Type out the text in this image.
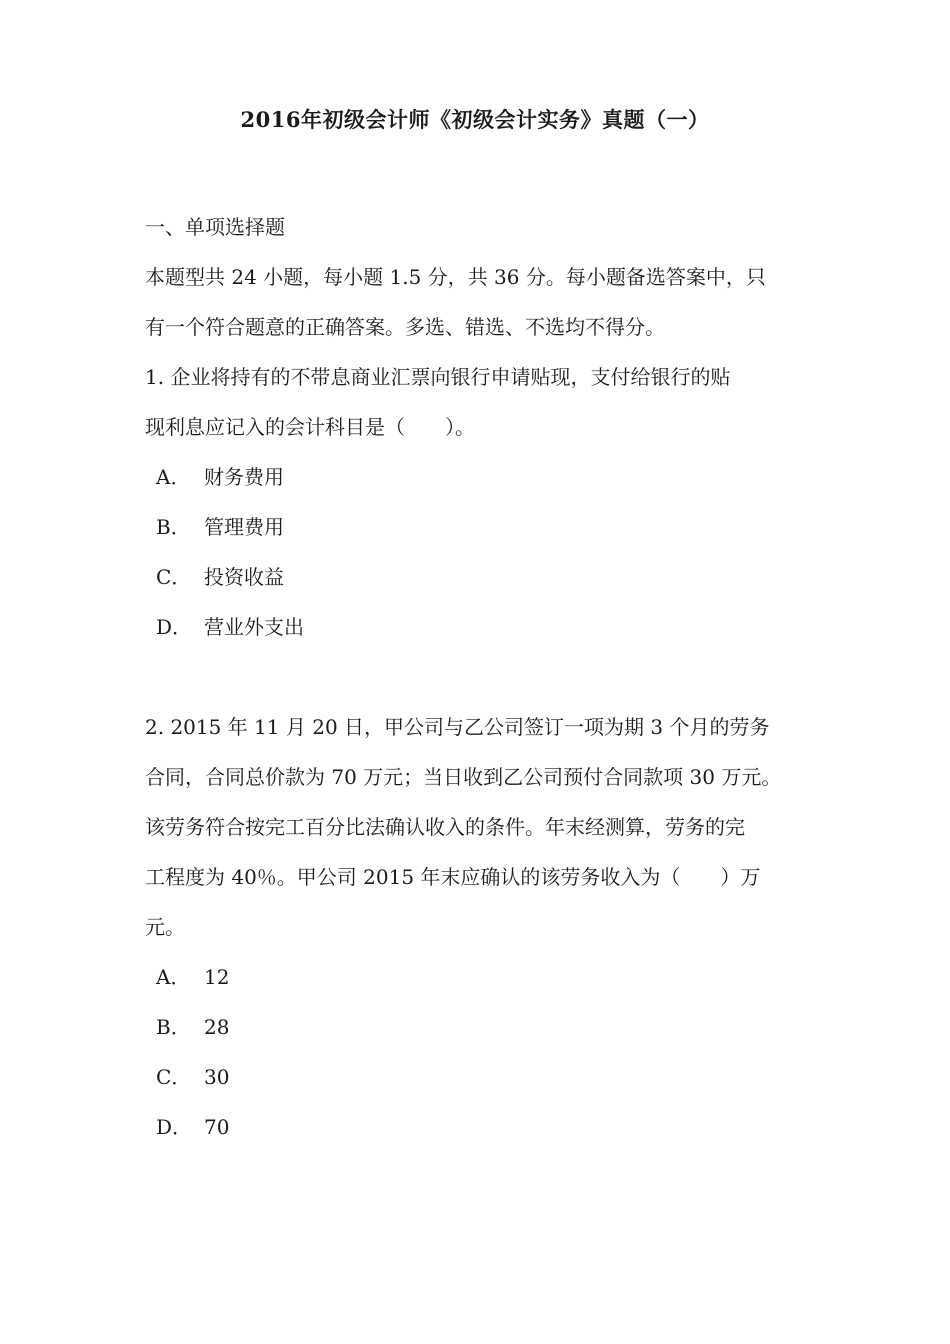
2016年初级会计师《初级会计实务》真题（一）
一、单项选择题
本题型共 24 小题，每小题 1.5 分，共 36 分。每小题备选答案中，只
有一个符合题意的正确答案。多选、错选、不选均不得分。
1. 企业将持有的不带息商业汇票向银行申请贴现，支付给银行的贴
现利息应记入的会计科目是（　　）。
A． 财务费用
B． 管理费用
C． 投资收益
D． 营业外支出
2. 2015 年 11 月 20 日，甲公司与乙公司签订一项为期 3 个月的劳务
合同，合同总价款为 70 万元；当日收到乙公司预付合同款项 30 万元。
该劳务符合按完工百分比法确认收入的条件。年末经测算，劳务的完
工程度为 40％。甲公司 2015 年末应确认的该劳务收入为（　　）万
元。
A． 12
B． 28
C． 30
D． 70
